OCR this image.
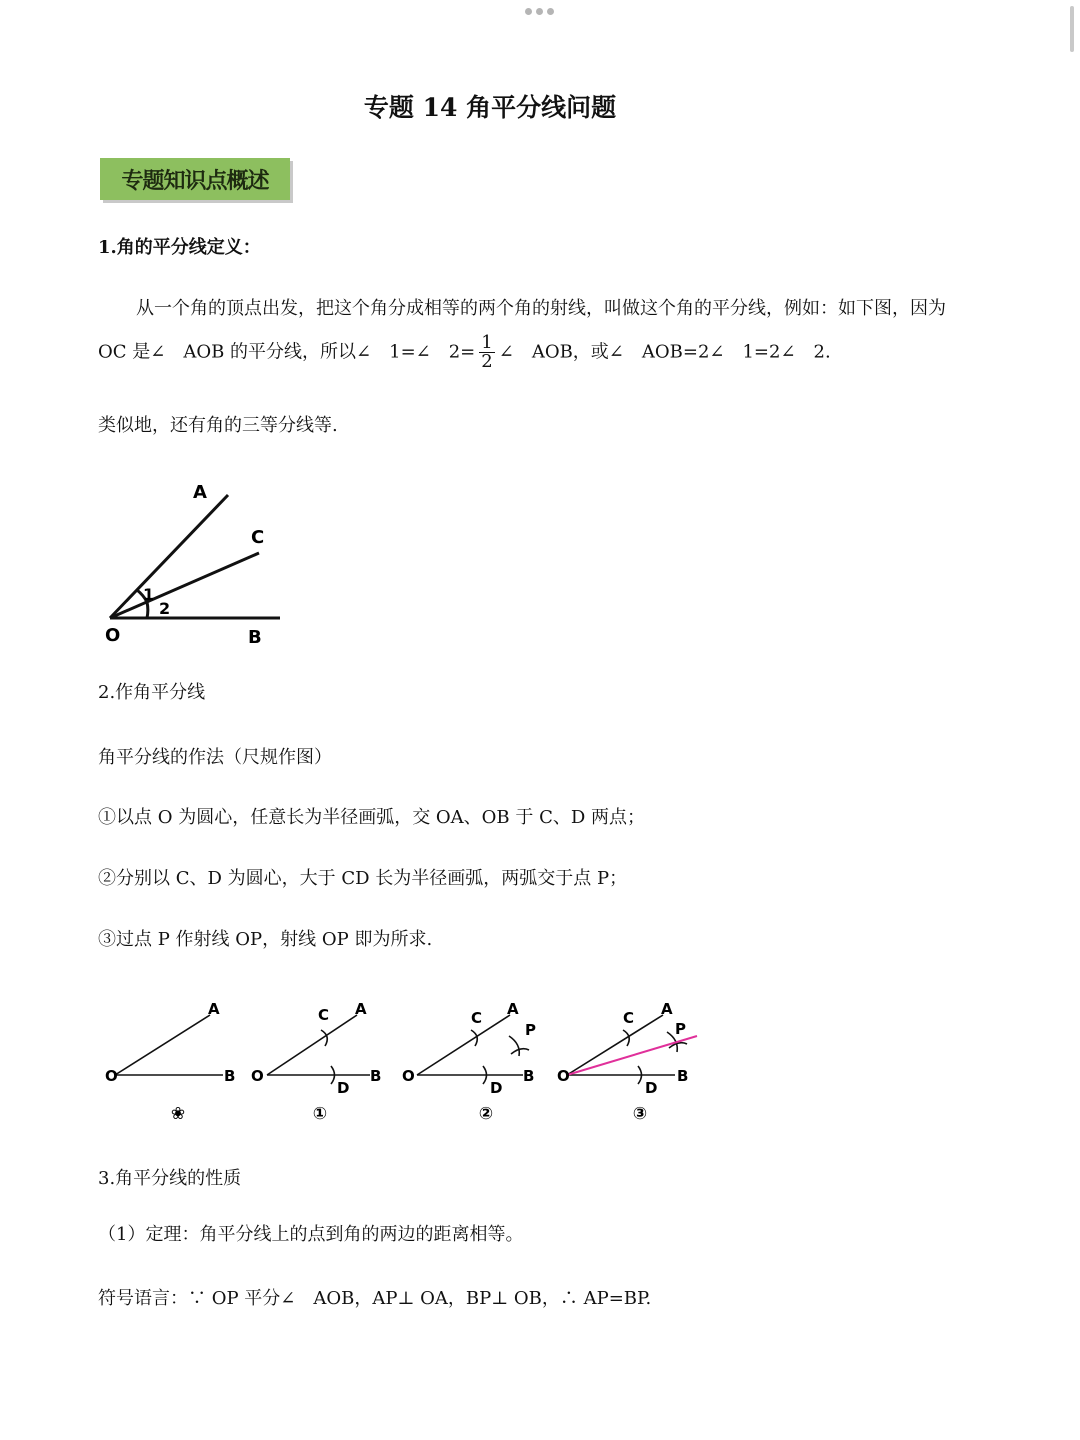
专题 14 角平分线问题
专题知识点概述
1.角的平分线定义：
从一个角的顶点出发，把这个角分成相等的两个角的射线，叫做这个角的平分线，例如：如下图，因为
OC 是∠　AOB 的平分线，所以∠　1=∠　$2= \frac{1}{2}$ ∠　AOB，或∠　AOB=2∠　1=2∠　2.
类似地，还有角的三等分线等.
A
C
1
2
O	B
2.作角平分线
角平分线的作法（尺规作图）
①以点 O 为圆心，任意长为半径画弧，交 OA、OB 于 C、D 两点；
②分别以 C、D 为圆心，大于 CD 长为半径画弧，两弧交于点 P；
③过点 P 作射线 OP，射线 OP 即为所求.
O
A
B O
A
B
C
D
O
A
B
C
D
P
O
A
B
C
D
P
❀	①	②	③
3.角平分线的性质
（1）定理：角平分线上的点到角的两边的距离相等。
符号语言：∵ OP 平分∠　AOB，AP⊥ OA，BP⊥ OB，∴ AP=BP.
